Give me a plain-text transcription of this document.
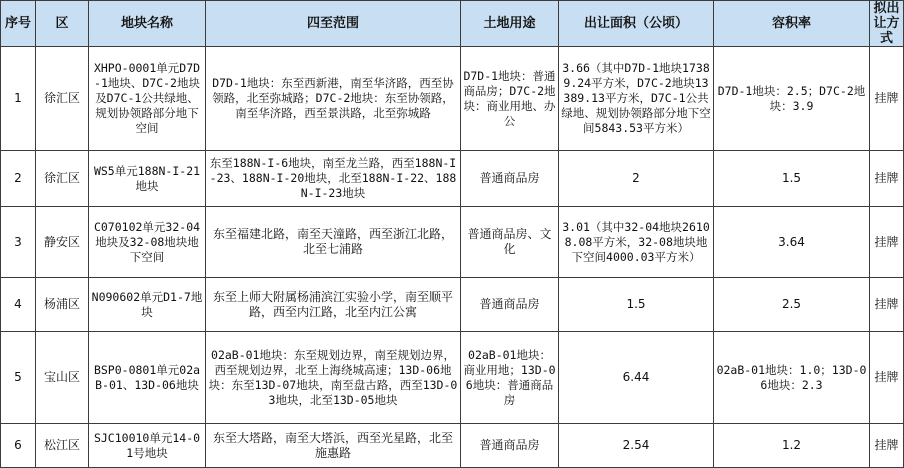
序号	区	地块名称	四至范围	土地用途	出让面积（公顷）	容积率	拟出让方式
1	徐汇区	XHPO-0001单元D7D-1地块、D7C-2地块及D7C-1公共绿地、规划协领路部分地下空间	D7D-1地块：东至西新港，南至华济路，西至协领路，北至弥城路；D7C-2地块：东至协领路，南至华济路，西至景洪路，北至弥城路	D7D-1地块：普通商品房；D7C-2地块：商业用地、办公	3.66（其中D7D-1地块17389.24平方米，D7C-2地块13389.13平方米，D7C-1公共绿地、规划协领路部分地下空间5843.53平方米）	D7D-1地块：2.5；D7C-2地块：3.9	挂牌
2	徐汇区	WS5单元188N-I-21地块	东至188N-I-6地块，南至龙兰路，西至188N-I-23、188N-I-20地块，北至188N-I-22、188N-I-23地块	普通商品房	2	1.5	挂牌
3	静安区	C070102单元32-04地块及32-08地块地下空间	东至福建北路，南至天潼路，西至浙江北路，北至七浦路	普通商品房、文化	3.01（其中32-04地块26108.08平方米，32-08地块地下空间4000.03平方米）	3.64	挂牌
4	杨浦区	N090602单元D1-7地块	东至上师大附属杨浦滨江实验小学，南至顺平路，西至内江路，北至内江公寓	普通商品房	1.5	2.5	挂牌
5	宝山区	BSP0-0801单元02aB-01、13D-06地块	02aB-01地块：东至规划边界，南至规划边界，西至规划边界，北至上海绕城高速；13D-06地块：东至13D-07地块，南至盘古路，西至13D-03地块，北至13D-05地块	02aB-01地块：商业用地；13D-06地块：普通商品房	6.44	02aB-01地块：1.0；13D-06地块：2.3	挂牌
6	松江区	SJC10010单元14-01号地块	东至大塔路，南至大塔浜，西至光星路，北至施惠路	普通商品房	2.54	1.2	挂牌
